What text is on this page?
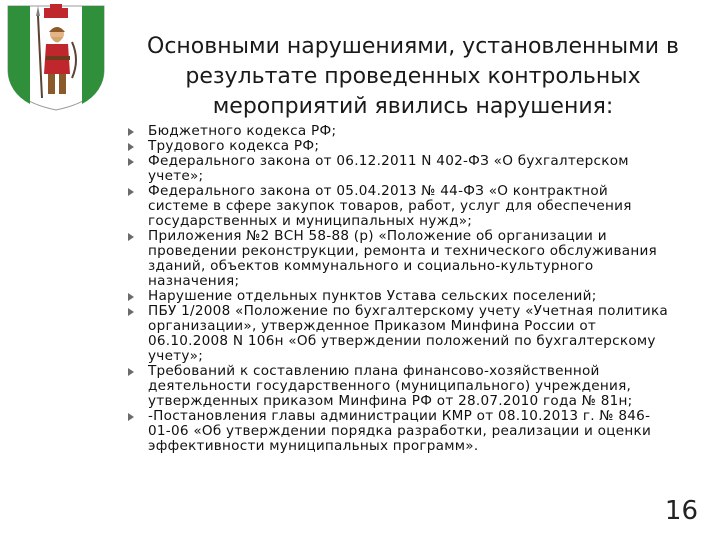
Основными нарушениями, установленными в
результате проведенных контрольных
мероприятий явились нарушения:
Бюджетного кодекса РФ;
Трудового кодекса РФ;
Федерального закона от 06.12.2011 N 402-ФЗ «О бухгалтерском
учете»;
Федерального закона от 05.04.2013 № 44-ФЗ «О контрактной
системе в сфере закупок товаров, работ, услуг для обеспечения
государственных и муниципальных нужд»;
Приложения №2 ВСН 58-88 (р) «Положение об организации и
проведении реконструкции, ремонта и технического обслуживания
зданий, объектов коммунального и социально-культурного
назначения;
Нарушение отдельных пунктов Устава сельских поселений;
ПБУ 1/2008 «Положение по бухгалтерскому учету «Учетная политика
организации», утвержденное Приказом Минфина России от
06.10.2008 N 106н «Об утверждении положений по бухгалтерскому
учету»;
Требований к составлению плана финансово-хозяйственной
деятельности государственного (муниципального) учреждения,
утвержденных приказом Минфина РФ от 28.07.2010 года № 81н;
-Постановления главы администрации КМР от 08.10.2013 г. № 846-
01-06 «Об утверждении порядка разработки, реализации и оценки
эффективности муниципальных программ».
16
